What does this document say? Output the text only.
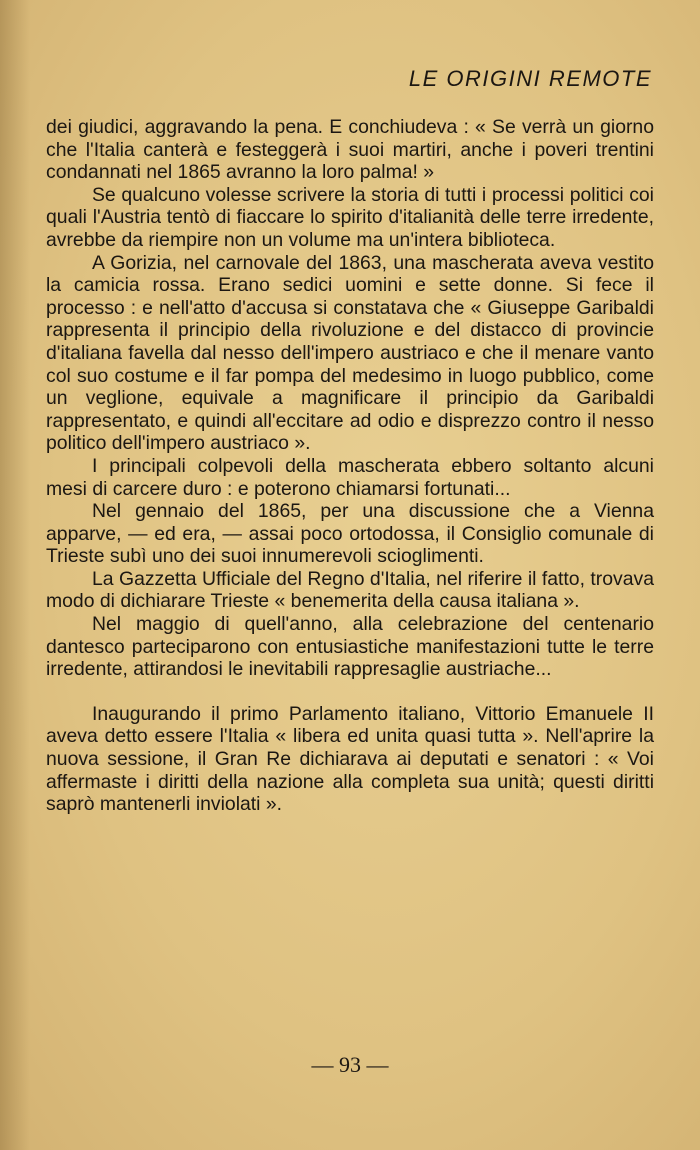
LE ORIGINI REMOTE

dei giudici, aggravando la pena. E conchiudeva : « Se verrà un giorno che l'Italia canterà e festeggerà i suoi martiri, anche i poveri trentini condannati nel 1865 avranno la loro palma! »

Se qualcuno volesse scrivere la storia di tutti i processi politici coi quali l'Austria tentò di fiaccare lo spirito d'italianità delle terre irredente, avrebbe da riempire non un volume ma un'intera biblioteca.

A Gorizia, nel carnovale del 1863, una mascherata aveva vestito la camicia rossa. Erano sedici uomini e sette donne. Si fece il processo : e nell'atto d'accusa si constatava che « Giuseppe Garibaldi rappresenta il principio della rivoluzione e del distacco di provincie d'italiana favella dal nesso dell'impero austriaco e che il menare vanto col suo costume e il far pompa del medesimo in luogo pubblico, come un veglione, equivale a magnificare il principio da Garibaldi rappresentato, e quindi all'eccitare ad odio e disprezzo contro il nesso politico dell'impero austriaco ».

I principali colpevoli della mascherata ebbero soltanto alcuni mesi di carcere duro : e poterono chiamarsi fortunati...

Nel gennaio del 1865, per una discussione che a Vienna apparve, — ed era, — assai poco ortodossa, il Consiglio comunale di Trieste subì uno dei suoi innumerevoli scioglimenti.

La Gazzetta Ufficiale del Regno d'Italia, nel riferire il fatto, trovava modo di dichiarare Trieste « benemerita della causa italiana ».

Nel maggio di quell'anno, alla celebrazione del centenario dantesco parteciparono con entusiastiche manifestazioni tutte le terre irredente, attirandosi le inevitabili rappresaglie austriache...

Inaugurando il primo Parlamento italiano, Vittorio Emanuele II aveva detto essere l'Italia « libera ed unita quasi tutta ». Nell'aprire la nuova sessione, il Gran Re dichiarava ai deputati e senatori : « Voi affermaste i diritti della nazione alla completa sua unità; questi diritti saprò mantenerli inviolati ».

— 93 —
